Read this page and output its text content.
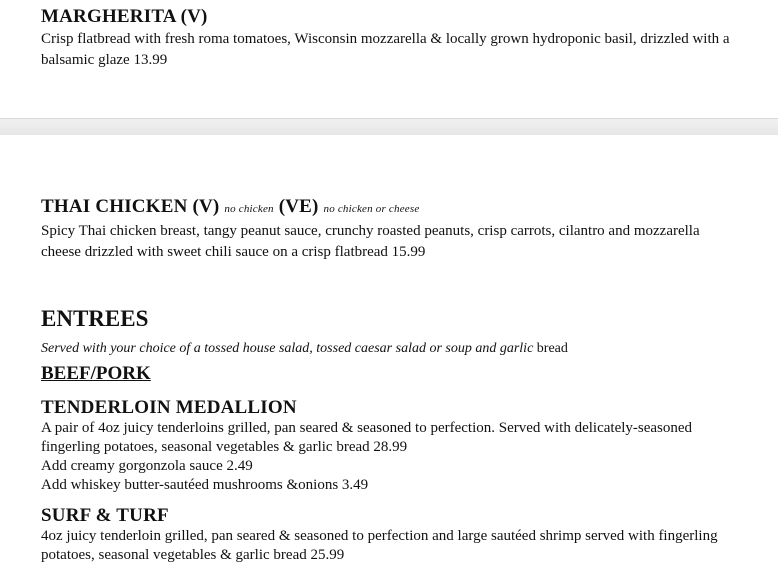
MARGHERITA (V)
Crisp flatbread with fresh roma tomatoes, Wisconsin mozzarella & locally grown hydroponic basil, drizzled with a
balsamic glaze 13.99
THAI CHICKEN (V) no chicken (VE) no chicken or cheese
Spicy Thai chicken breast, tangy peanut sauce, crunchy roasted peanuts, crisp carrots, cilantro and mozzarella
cheese drizzled with sweet chili sauce on a crisp flatbread 15.99
ENTREES
Served with your choice of a tossed house salad, tossed caesar salad or soup and garlic bread
BEEF/PORK
TENDERLOIN MEDALLION
A pair of 4oz juicy tenderloins grilled, pan seared & seasoned to perfection. Served with delicately-seasoned
fingerling potatoes, seasonal vegetables & garlic bread 28.99
Add creamy gorgonzola sauce 2.49
Add whiskey butter-sautéed mushrooms &onions 3.49
SURF & TURF
4oz juicy tenderloin grilled, pan seared & seasoned to perfection and large sautéed shrimp served with fingerling
potatoes, seasonal vegetables & garlic bread 25.99
